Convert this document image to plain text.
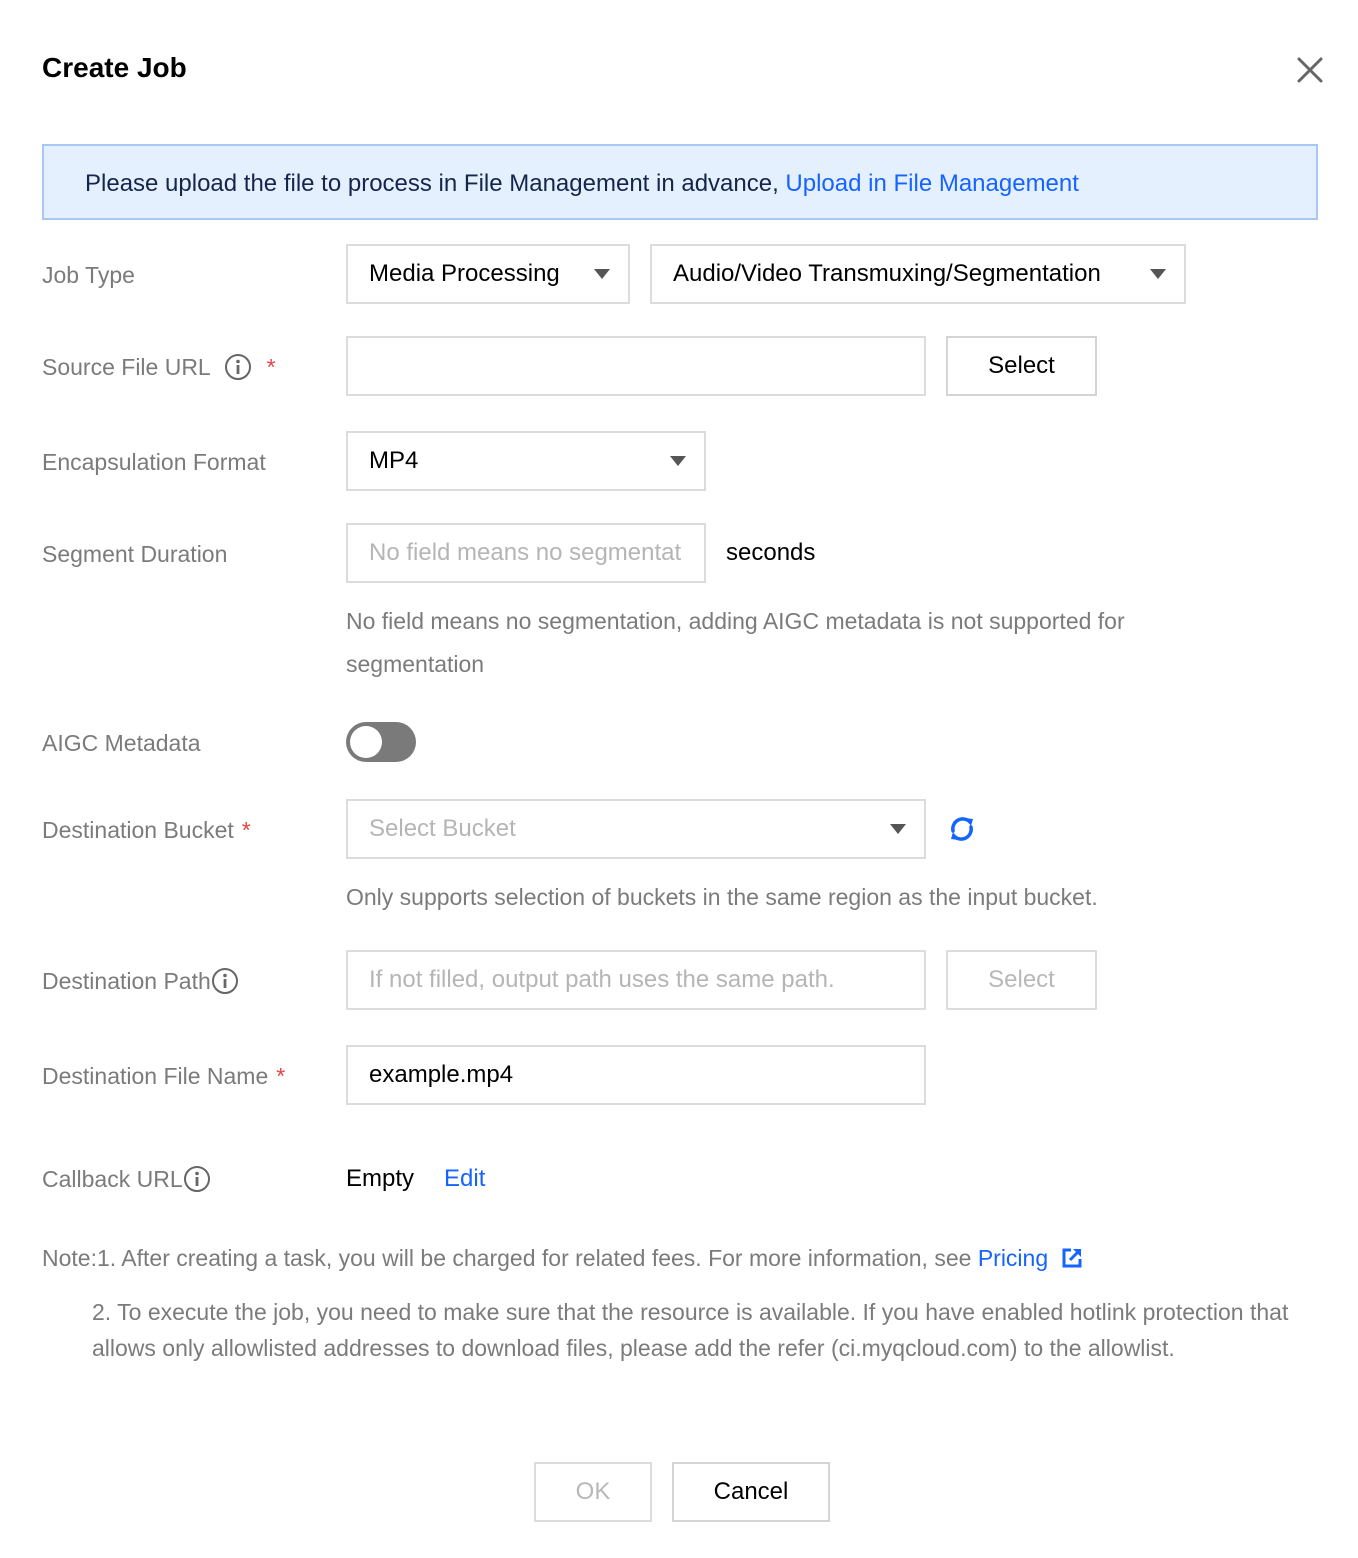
Create Job
Please upload the file to process in File Management in advance, Upload in File Management
Job Type	Media Processing	Audio/Video Transmuxing/Segmentation
Source File URL *	Select
Encapsulation Format	MP4
Segment Duration	No field means no segmentat seconds
No field means no segmentation, adding AIGC metadata is not supported for segmentation
AIGC Metadata
Destination Bucket *	Select Bucket
Only supports selection of buckets in the same region as the input bucket.
Destination Path	If not filled, output path uses the same path.	Select
Destination File Name *	example.mp4
Callback URL	Empty Edit
Note:1. After creating a task, you will be charged for related fees. For more information, see Pricing
2. To execute the job, you need to make sure that the resource is available. If you have enabled hotlink protection that allows only allowlisted addresses to download files, please add the refer (ci.myqcloud.com) to the allowlist.
OK	Cancel
